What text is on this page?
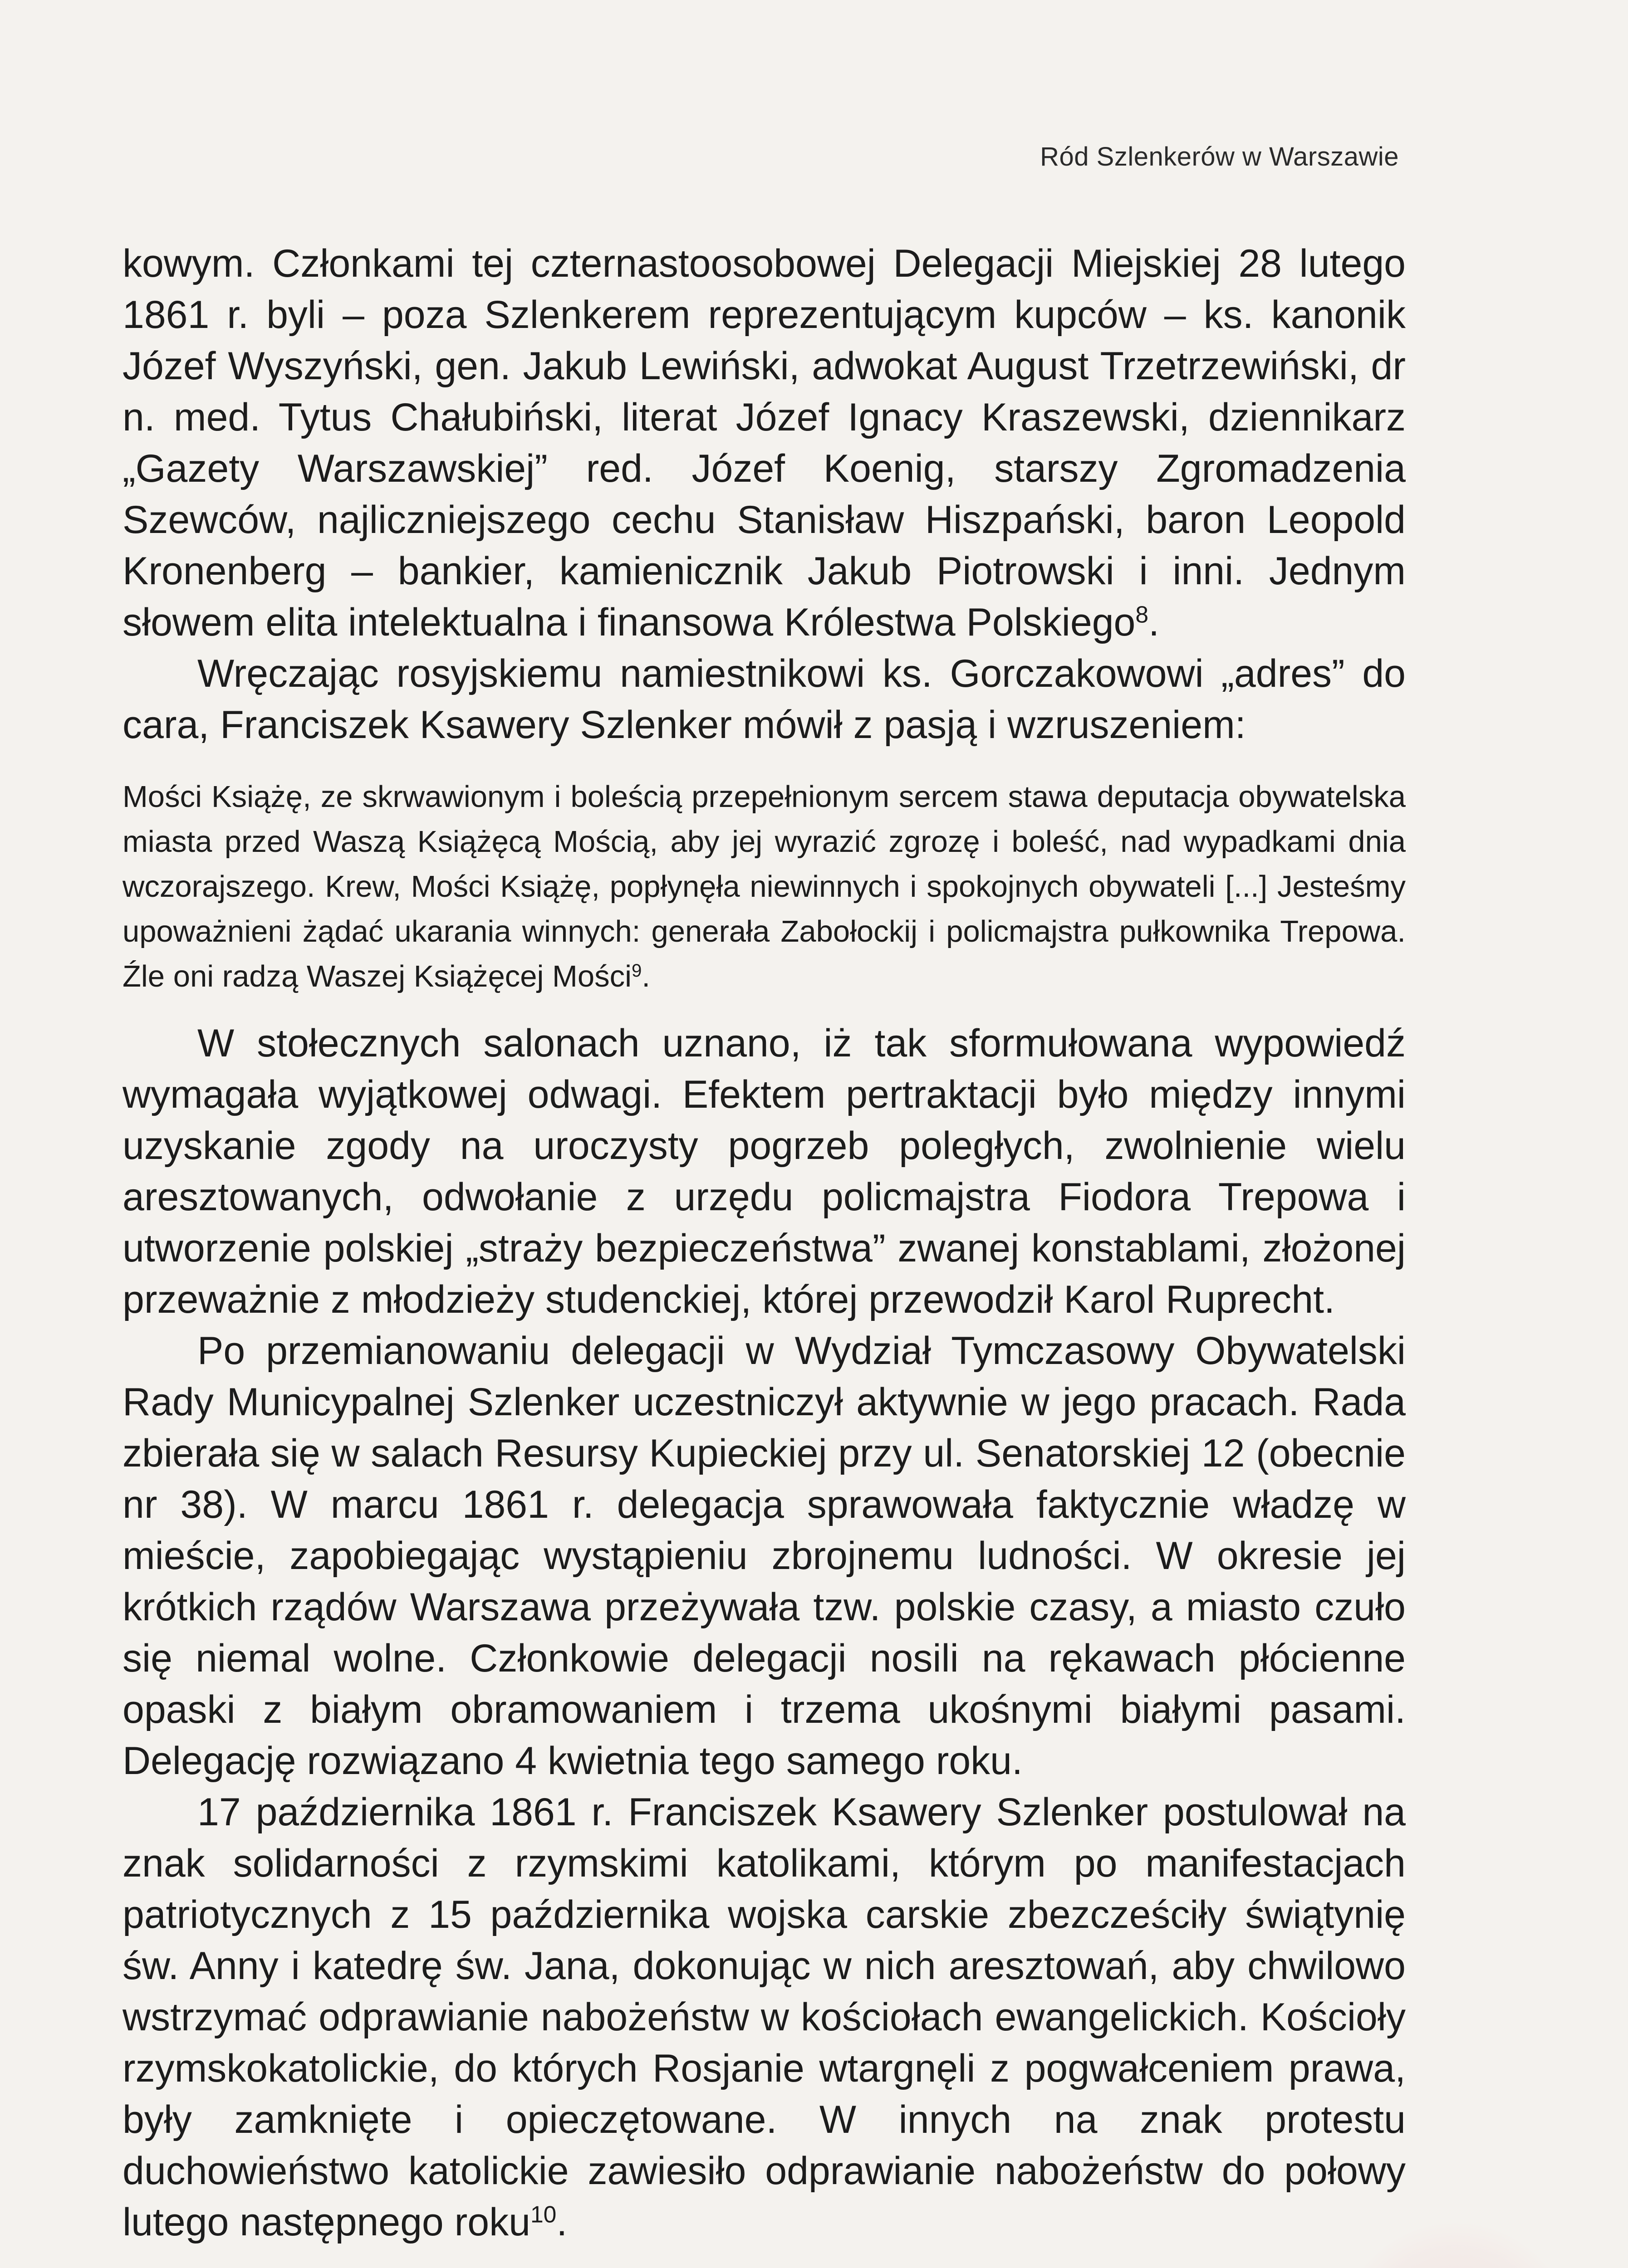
Ród Szlenkerów w Warszawie

kowym. Członkami tej czternastoosobowej Delegacji Miejskiej 28 lutego 1861 r. byli – poza Szlenkerem reprezentującym kupców – ks. kanonik Józef Wyszyński, gen. Jakub Lewiński, adwokat August Trzetrzewiński, dr n. med. Tytus Chałubiński, literat Józef Ignacy Kraszewski, dziennikarz „Gazety Warszawskiej” red. Józef Koenig, starszy Zgromadzenia Szewców, najliczniejszego cechu Stanisław Hiszpański, baron Leopold Kronenberg – bankier, kamienicznik Jakub Piotrowski i inni. Jednym słowem elita intelektualna i finansowa Królestwa Polskiego$^8$.

Wręczając rosyjskiemu namiestnikowi ks. Gorczakowowi „adres” do cara, Franciszek Ksawery Szlenker mówił z pasją i wzruszeniem:

Mości Książę, ze skrwawionym i boleścią przepełnionym sercem stawa deputacja obywatelska miasta przed Waszą Książęcą Mością, aby jej wyrazić zgrozę i boleść, nad wypadkami dnia wczorajszego. Krew, Mości Książę, popłynęła niewinnych i spokojnych obywateli [...] Jesteśmy upoważnieni żądać ukarania winnych: generała Zabołockij i policmajstra pułkownika Trepowa. Źle oni radzą Waszej Książęcej Mości$^9$.

W stołecznych salonach uznano, iż tak sformułowana wypowiedź wymagała wyjątkowej odwagi. Efektem pertraktacji było między innymi uzyskanie zgody na uroczysty pogrzeb poległych, zwolnienie wielu aresztowanych, odwołanie z urzędu policmajstra Fiodora Trepowa i utworzenie polskiej „straży bezpieczeństwa” zwanej konstablami, złożonej przeważnie z młodzieży studenckiej, której przewodził Karol Ruprecht.

Po przemianowaniu delegacji w Wydział Tymczasowy Obywatelski Rady Municypalnej Szlenker uczestniczył aktywnie w jego pracach. Rada zbierała się w salach Resursy Kupieckiej przy ul. Senatorskiej 12 (obecnie nr 38). W marcu 1861 r. delegacja sprawowała faktycznie władzę w mieście, zapobiegając wystąpieniu zbrojnemu ludności. W okresie jej krótkich rządów Warszawa przeżywała tzw. polskie czasy, a miasto czuło się niemal wolne. Członkowie delegacji nosili na rękawach płócienne opaski z białym obramowaniem i trzema ukośnymi białymi pasami. Delegację rozwiązano 4 kwietnia tego samego roku.

17 października 1861 r. Franciszek Ksawery Szlenker postulował na znak solidarności z rzymskimi katolikami, którym po manifestacjach patriotycznych z 15 października wojska carskie zbezcześciły świątynię św. Anny i katedrę św. Jana, dokonując w nich aresztowań, aby chwilowo wstrzymać odprawianie nabożeństw w kościołach ewangelickich. Kościoły rzymskokatolickie, do których Rosjanie wtargnęli z pogwałceniem prawa, były zamknięte i opieczętowane. W innych na znak protestu duchowieństwo katolickie zawiesiło odprawianie nabożeństw do połowy lutego następnego roku$^{10}$.
